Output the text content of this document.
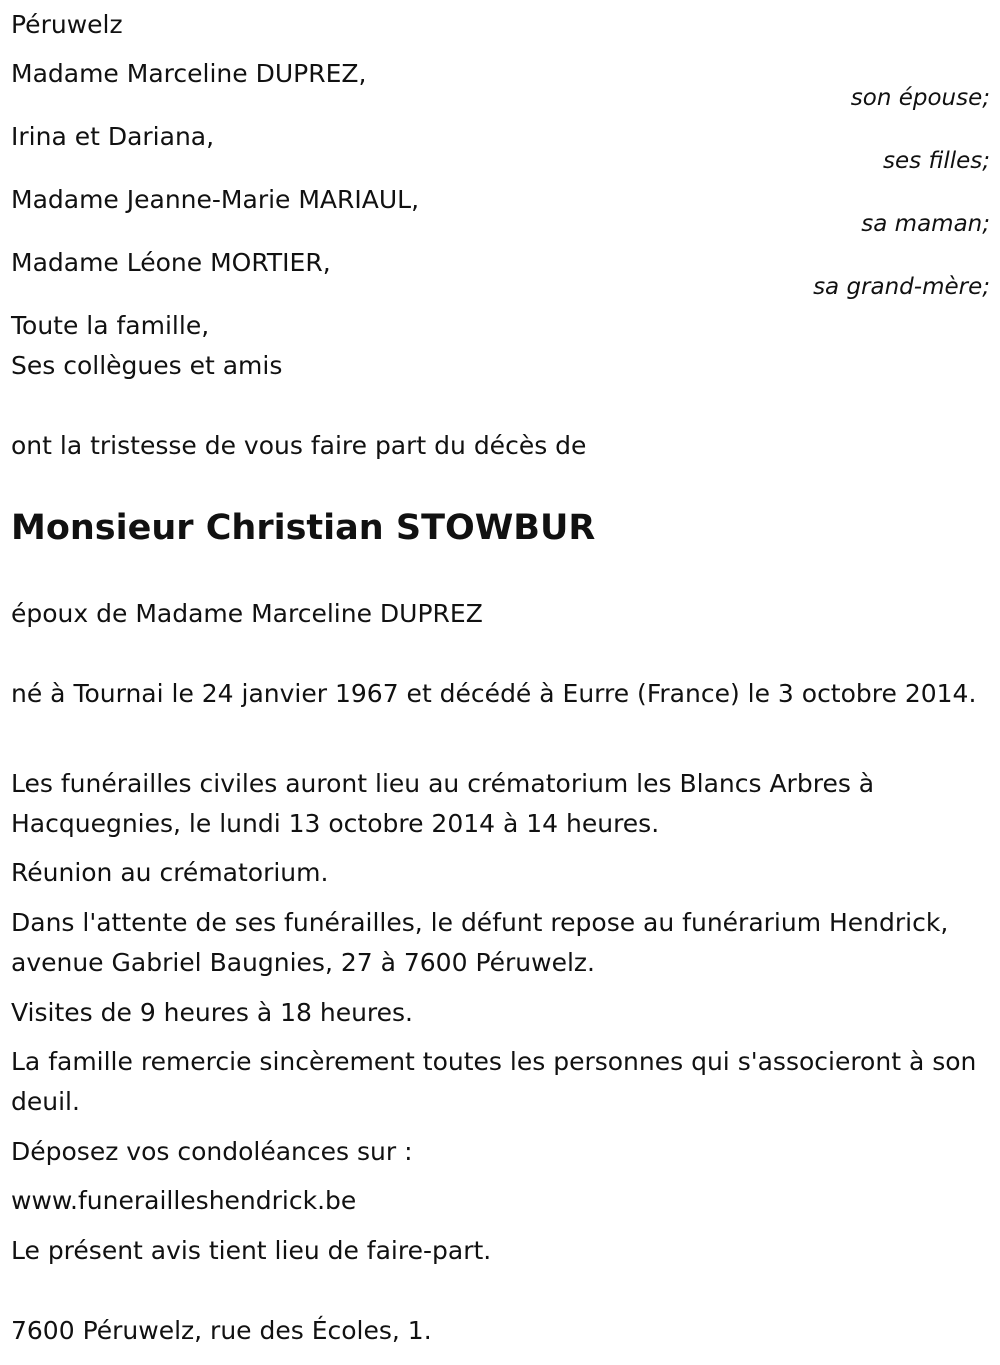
Péruwelz
Madame Marceline DUPREZ,
son épouse;
Irina et Dariana,
ses filles;
Madame Jeanne-Marie MARIAUL,
sa maman;
Madame Léone MORTIER,
sa grand-mère;
Toute la famille,
Ses collègues et amis
ont la tristesse de vous faire part du décès de
Monsieur Christian STOWBUR
époux de Madame Marceline DUPREZ
né à Tournai le 24 janvier 1967 et décédé à Eurre (France) le 3 octobre 2014.
Les funérailles civiles auront lieu au crématorium les Blancs Arbres à Hacquegnies, le lundi 13 octobre 2014 à 14 heures.
Réunion au crématorium.
Dans l'attente de ses funérailles, le défunt repose au funérarium Hendrick, avenue Gabriel Baugnies, 27 à 7600 Péruwelz.
Visites de 9 heures à 18 heures.
La famille remercie sincèrement toutes les personnes qui s'associeront à son deuil.
Déposez vos condoléances sur :
www.funerailleshendrick.be
Le présent avis tient lieu de faire-part.
7600 Péruwelz, rue des Écoles, 1.
